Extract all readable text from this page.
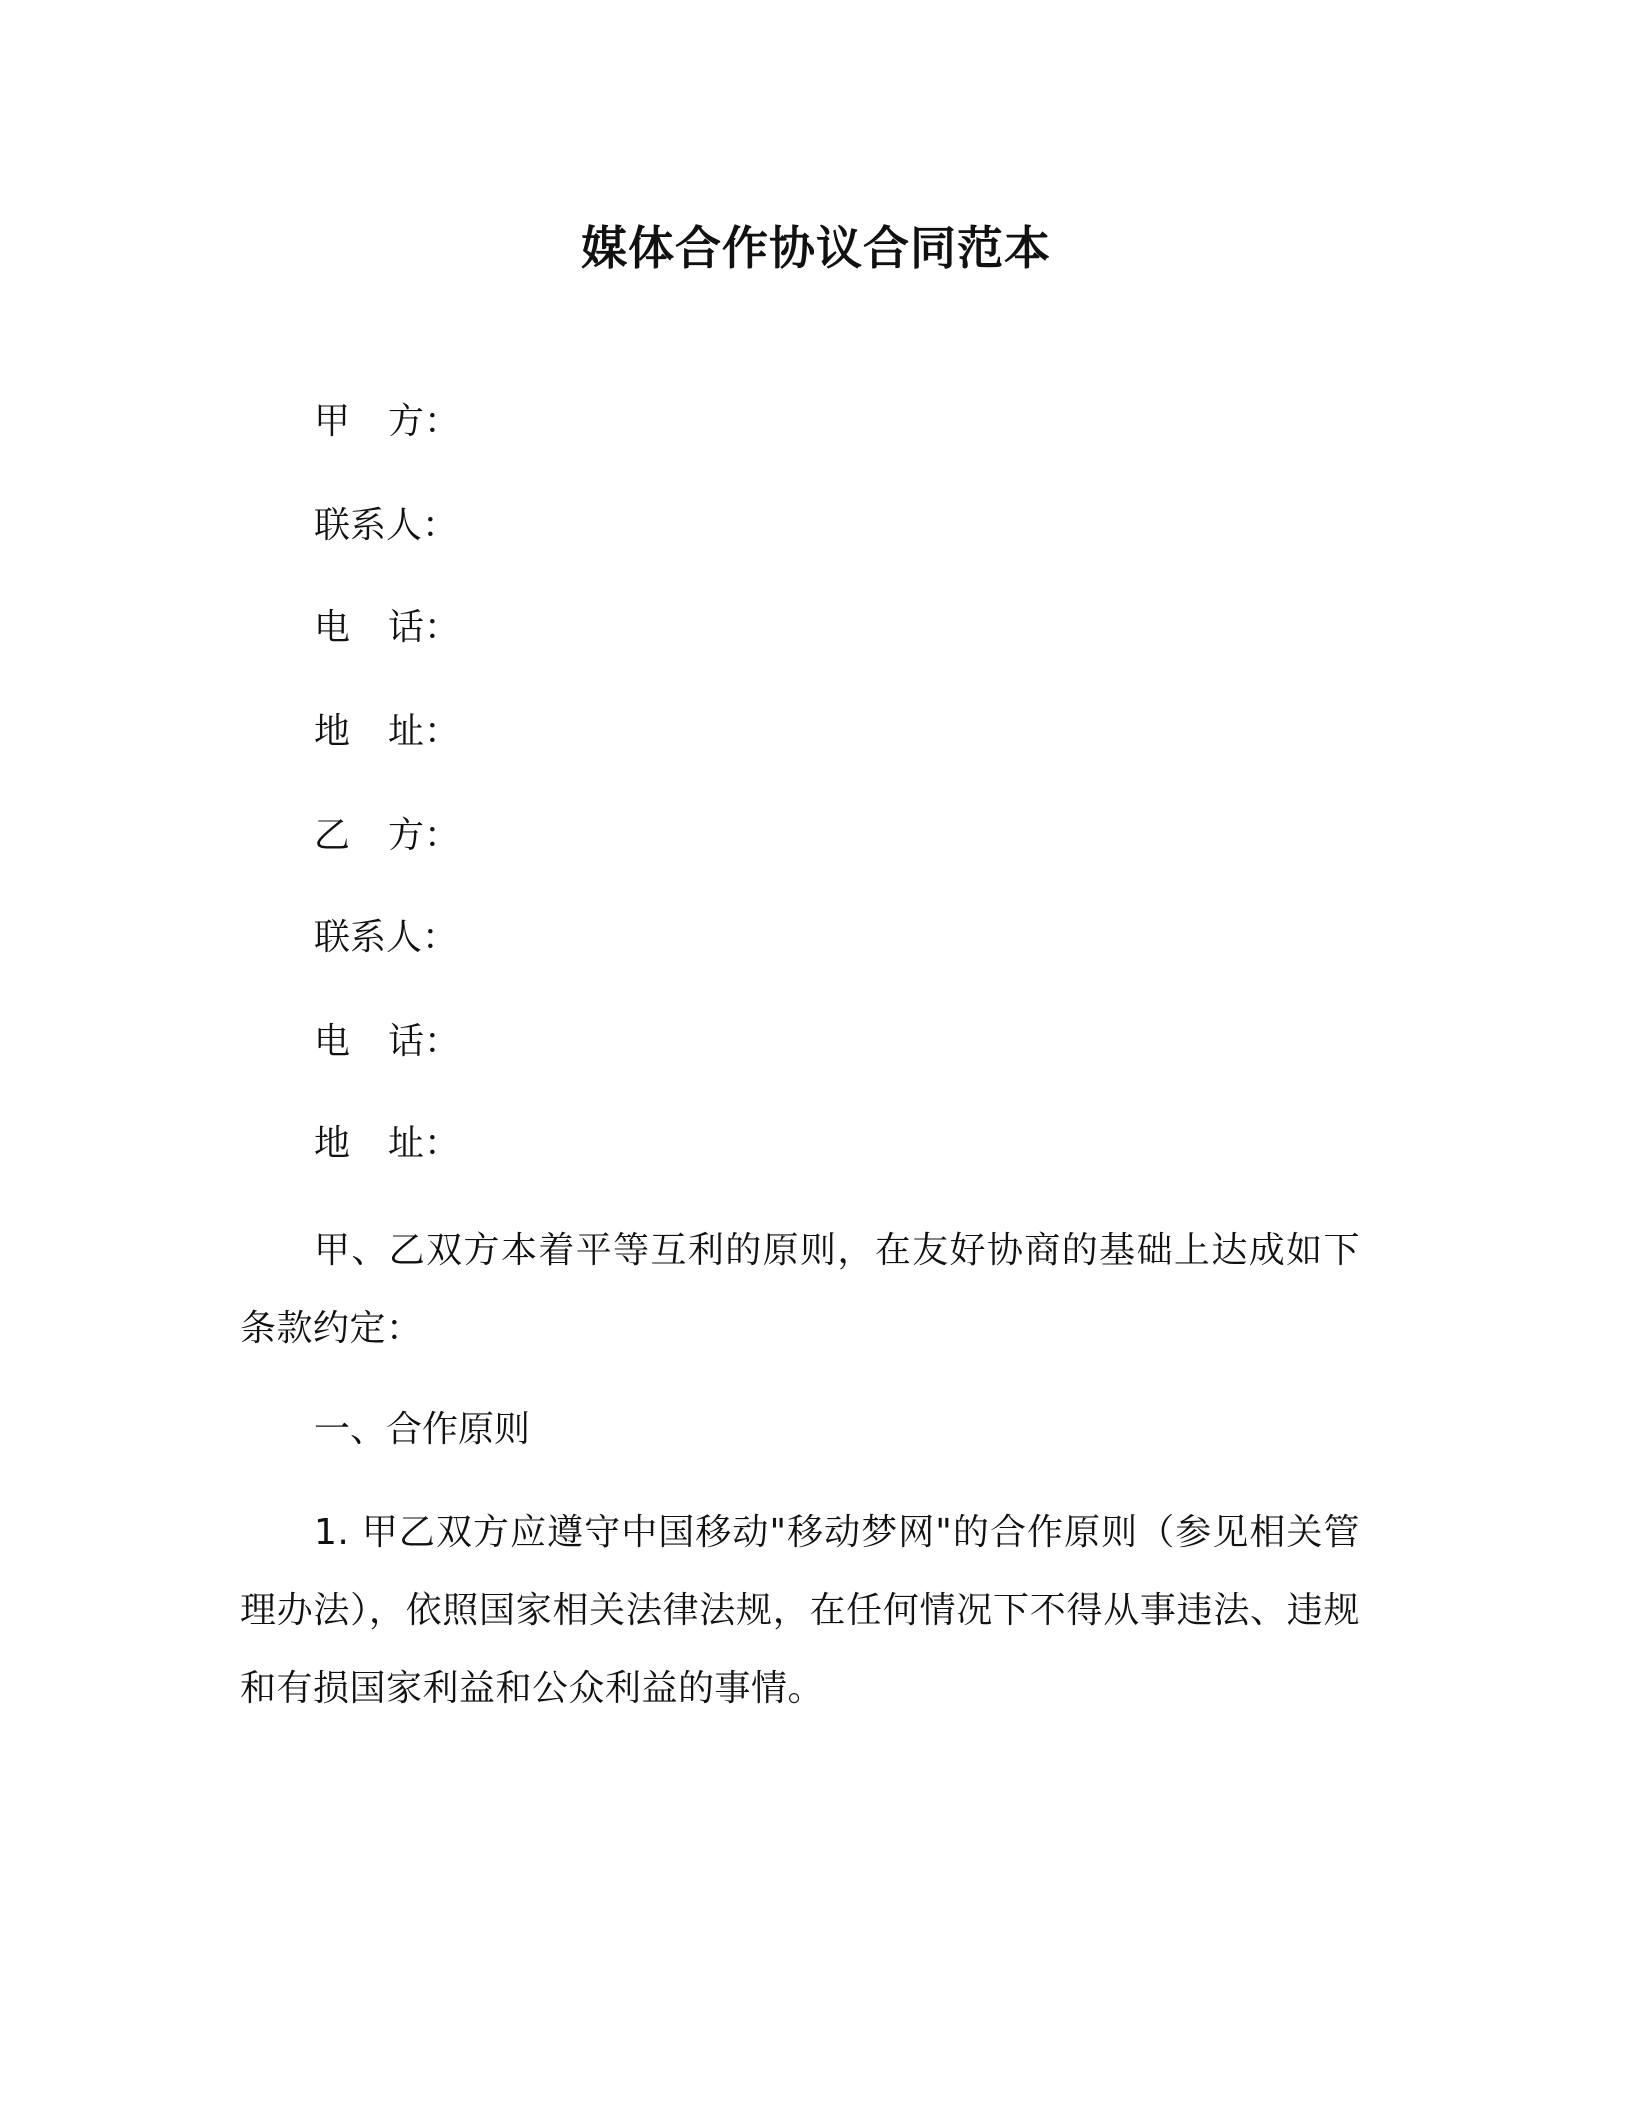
媒体合作协议合同范本
甲 方：
联系人：
电 话：
地 址：
乙 方：
联系人：
电 话：
地 址：
甲、乙双方本着平等互利的原则，在友好协商的基础上达成如下条款约定：
一、合作原则
1. 甲乙双方应遵守中国移动"移动梦网"的合作原则（参见相关管理办法），依照国家相关法律法规，在任何情况下不得从事违法、违规和有损国家利益和公众利益的事情。
